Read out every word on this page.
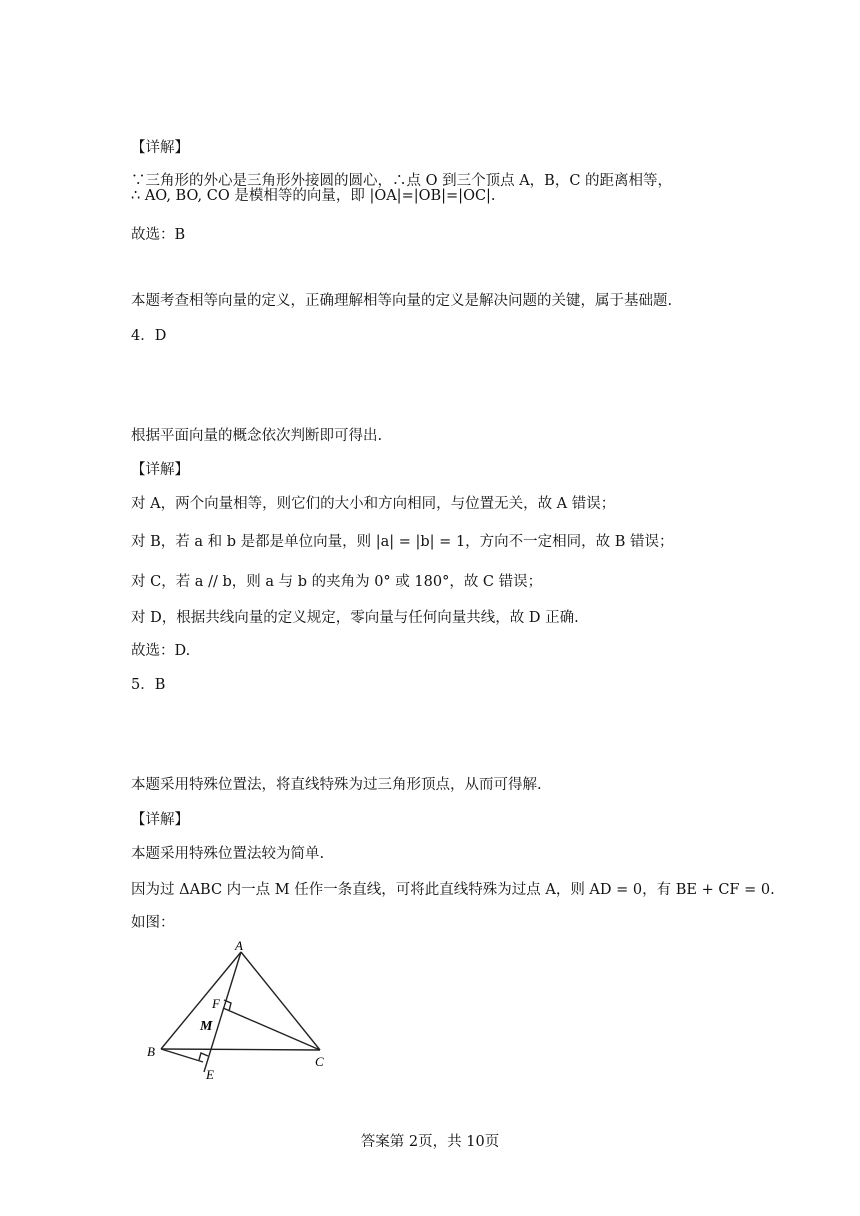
【详解】
∵三角形的外心是三角形外接圆的圆心，∴点 O 到三个顶点 A，B，C 的距离相等，
∴ AO, BO, CO 是模相等的向量，即 |OA|=|OB|=|OC|.
故选：B
本题考查相等向量的定义，正确理解相等向量的定义是解决问题的关键，属于基础题.
4．D
根据平面向量的概念依次判断即可得出.
【详解】
对 A，两个向量相等，则它们的大小和方向相同，与位置无关，故 A 错误；
对 B，若 a 和 b 是都是单位向量，则 |a| = |b| = 1，方向不一定相同，故 B 错误；
对 C，若 a // b，则 a 与 b 的夹角为 0° 或 180°，故 C 错误；
对 D，根据共线向量的定义规定，零向量与任何向量共线，故 D 正确.
故选：D.
5．B
本题采用特殊位置法，将直线特殊为过三角形顶点，从而可得解.
【详解】
本题采用特殊位置法较为简单.
因为过 ΔABC 内一点 M 任作一条直线，可将此直线特殊为过点 A，则 AD = 0，有 BE + CF = 0.
如图：
A
B
C
E
F
M
答案第 2页，共 10页
